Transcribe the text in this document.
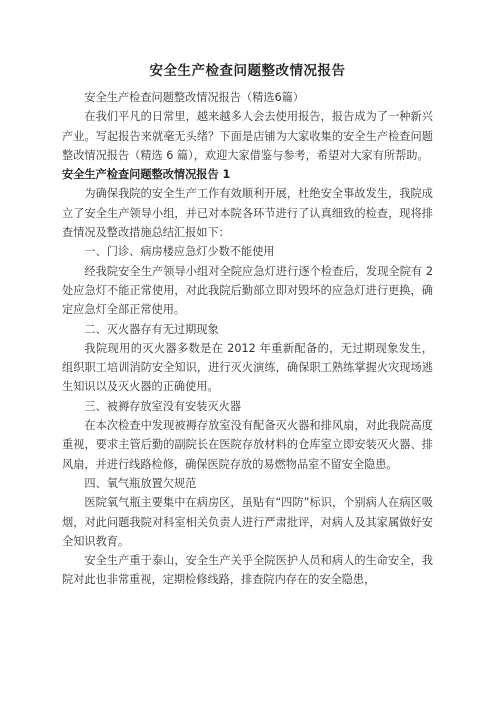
安全生产检查问题整改情况报告

安全生产检查问题整改情况报告（精选6篇）

在我们平凡的日常里，越来越多人会去使用报告，报告成为了一种新兴产业。写起报告来就毫无头绪？下面是店铺为大家收集的安全生产检查问题整改情况报告（精选 6 篇），欢迎大家借鉴与参考，希望对大家有所帮助。

安全生产检查问题整改情况报告 1

为确保我院的安全生产工作有效顺利开展，杜绝安全事故发生，我院成立了安全生产领导小组，并已对本院各环节进行了认真细致的检查，现将排查情况及整改措施总结汇报如下：

一、门诊、病房楼应急灯少数不能使用

经我院安全生产领导小组对全院应急灯进行逐个检查后，发现全院有 2 处应急灯不能正常使用，对此我院后勤部立即对毁坏的应急灯进行更换，确定应急灯全部正常使用。

二、灭火器存有无过期现象

我院现用的灭火器多数是在 2012 年重新配备的，无过期现象发生，组织职工培训消防安全知识，进行灭火演练，确保职工熟练掌握火灾现场逃生知识以及灭火器的正确使用。

三、被褥存放室没有安装灭火器

在本次检查中发现被褥存放室没有配备灭火器和排风扇，对此我院高度重视，要求主管后勤的副院长在医院存放材料的仓库室立即安装灭火器、排风扇，并进行线路检修，确保医院存放的易燃物品室不留安全隐患。

四、氧气瓶放置欠规范

医院氧气瓶主要集中在病房区，虽贴有“四防”标识，个别病人在病区吸烟，对此问题我院对科室相关负责人进行严肃批评，对病人及其家属做好安全知识教育。

安全生产重于泰山，安全生产关乎全院医护人员和病人的生命安全，我院对此也非常重视，定期检修线路，排查院内存在的安全隐患，
